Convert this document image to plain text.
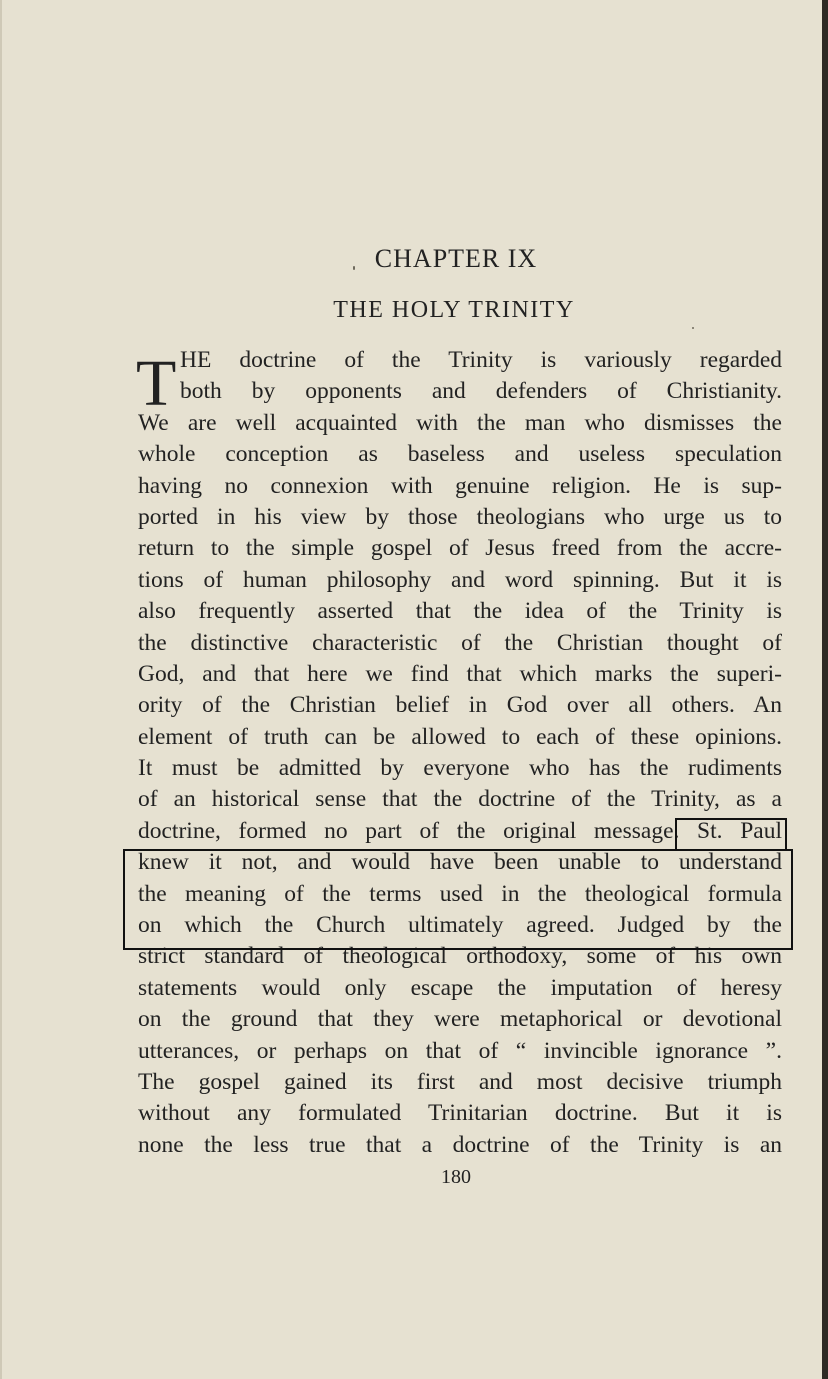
CHAPTER IX
THE HOLY TRINITY
T HE doctrine of the Trinity is variously regarded
both by opponents and defenders of Christianity.
We are well acquainted with the man who dismisses the
whole conception as baseless and useless speculation
having no connexion with genuine religion. He is sup-
ported in his view by those theologians who urge us to
return to the simple gospel of Jesus freed from the accre-
tions of human philosophy and word spinning. But it is
also frequently asserted that the idea of the Trinity is
the distinctive characteristic of the Christian thought of
God, and that here we find that which marks the superi-
ority of the Christian belief in God over all others. An
element of truth can be allowed to each of these opinions.
It must be admitted by everyone who has the rudiments
of an historical sense that the doctrine of the Trinity, as a
doctrine, formed no part of the original message. St. Paul
knew it not, and would have been unable to understand
the meaning of the terms used in the theological formula
on which the Church ultimately agreed. Judged by the
strict standard of theological orthodoxy, some of his own
statements would only escape the imputation of heresy
on the ground that they were metaphorical or devotional
utterances, or perhaps on that of “ invincible ignorance ”.
The gospel gained its first and most decisive triumph
without any formulated Trinitarian doctrine. But it is
none the less true that a doctrine of the Trinity is an
180
